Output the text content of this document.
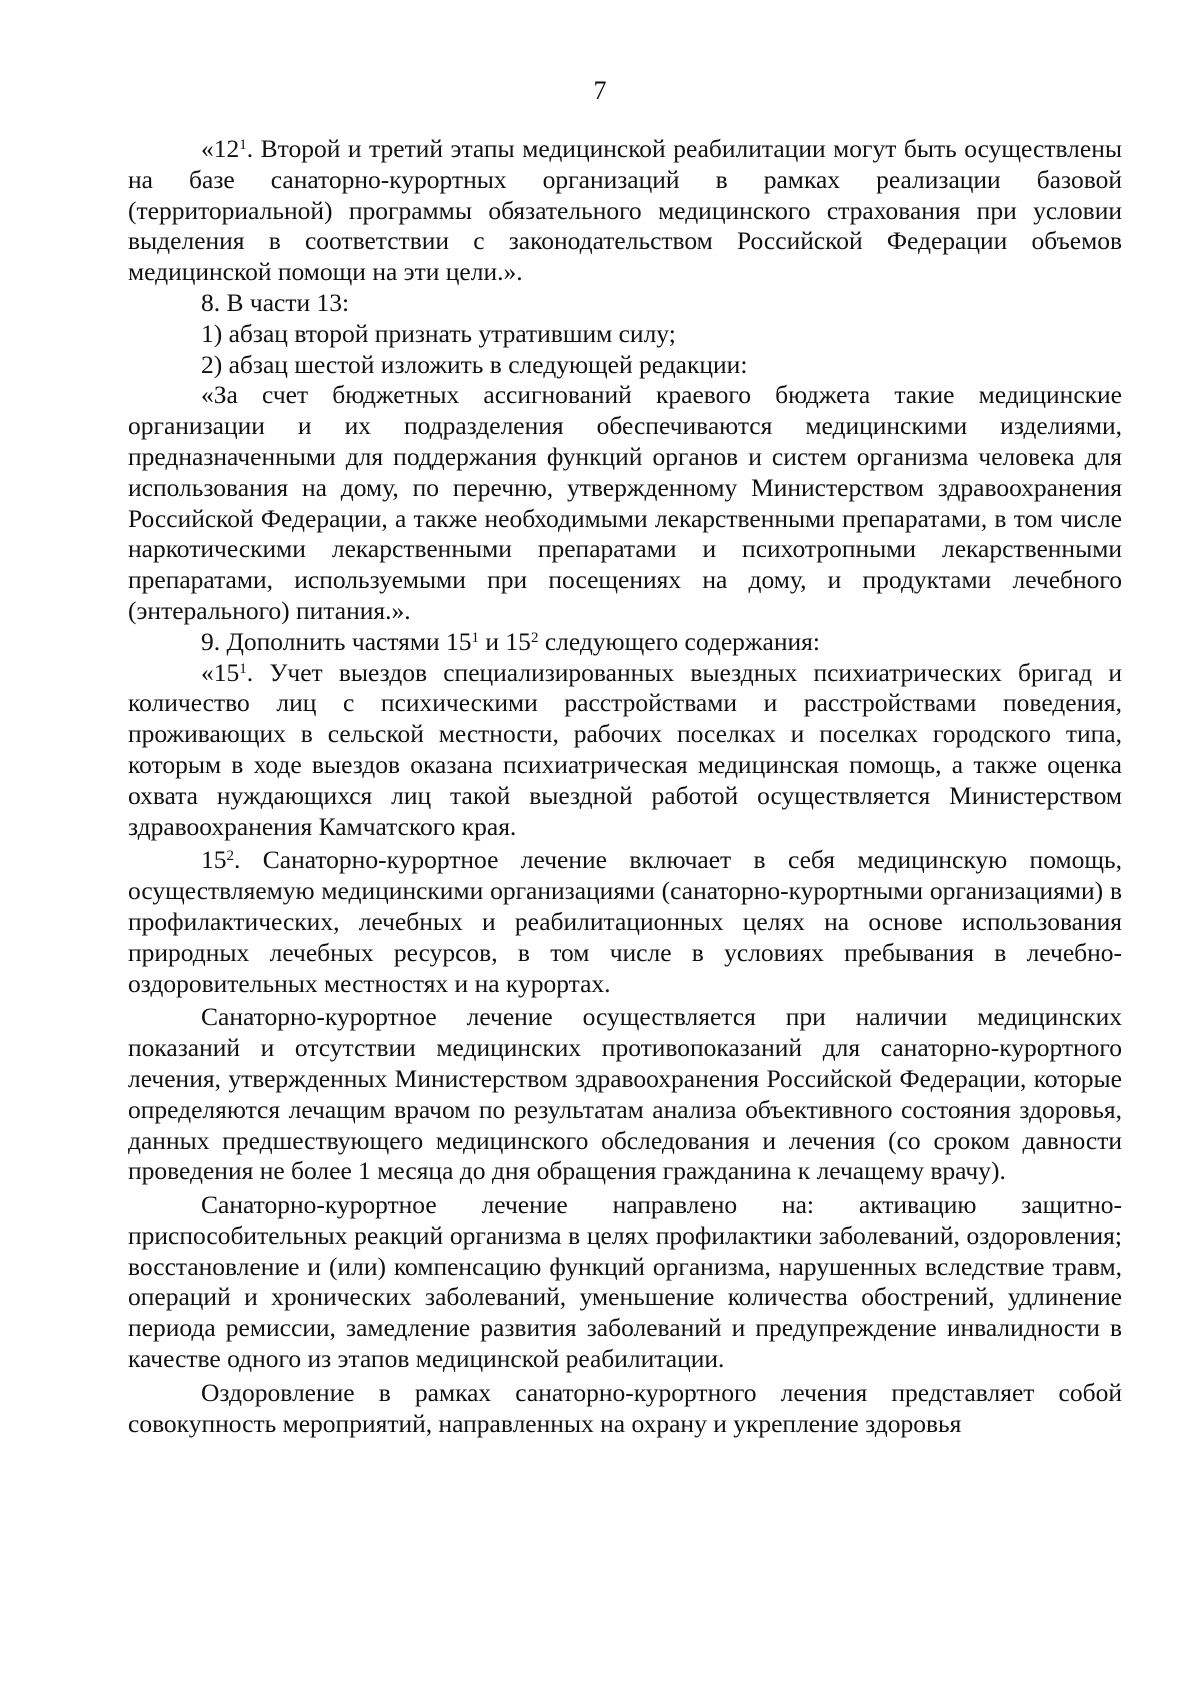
7

«$12^1$. Второй и третий этапы медицинской реабилитации могут быть осуществлены на базе санаторно-курортных организаций в рамках реализации базовой (территориальной) программы обязательного медицинского страхования при условии выделения в соответствии с законодательством Российской Федерации объемов медицинской помощи на эти цели.».

8. В части 13:

1) абзац второй признать утратившим силу;

2) абзац шестой изложить в следующей редакции:

«За счет бюджетных ассигнований краевого бюджета такие медицинские организации и их подразделения обеспечиваются медицинскими изделиями, предназначенными для поддержания функций органов и систем организма человека для использования на дому, по перечню, утвержденному Министерством здравоохранения Российской Федерации, а также необходимыми лекарственными препаратами, в том числе наркотическими лекарственными препаратами и психотропными лекарственными препаратами, используемыми при посещениях на дому, и продуктами лечебного (энтерального) питания.».

9. Дополнить частями $15^1$ и $15^2$ следующего содержания:

«$15^1$. Учет выездов специализированных выездных психиатрических бригад и количество лиц с психическими расстройствами и расстройствами поведения, проживающих в сельской местности, рабочих поселках и поселках городского типа, которым в ходе выездов оказана психиатрическая медицинская помощь, а также оценка охвата нуждающихся лиц такой выездной работой осуществляется Министерством здравоохранения Камчатского края.

$15^2$. Санаторно-курортное лечение включает в себя медицинскую помощь, осуществляемую медицинскими организациями (санаторно-курортными организациями) в профилактических, лечебных и реабилитационных целях на основе использования природных лечебных ресурсов, в том числе в условиях пребывания в лечебно-оздоровительных местностях и на курортах.

Санаторно-курортное лечение осуществляется при наличии медицинских показаний и отсутствии медицинских противопоказаний для санаторно-курортного лечения, утвержденных Министерством здравоохранения Российской Федерации, которые определяются лечащим врачом по результатам анализа объективного состояния здоровья, данных предшествующего медицинского обследования и лечения (со сроком давности проведения не более 1 месяца до дня обращения гражданина к лечащему врачу).

Санаторно-курортное лечение направлено на: активацию защитно-приспособительных реакций организма в целях профилактики заболеваний, оздоровления; восстановление и (или) компенсацию функций организма, нарушенных вследствие травм, операций и хронических заболеваний, уменьшение количества обострений, удлинение периода ремиссии, замедление развития заболеваний и предупреждение инвалидности в качестве одного из этапов медицинской реабилитации.

Оздоровление в рамках санаторно-курортного лечения представляет собой совокупность мероприятий, направленных на охрану и укрепление здоровья
